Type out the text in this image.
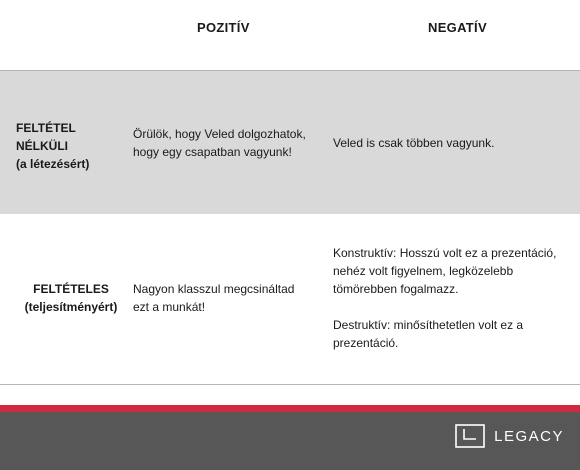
POZITÍV	NEGATÍV
FELTÉTEL
NÉLKÜLI
(a létezésért)
Örülök, hogy Veled dolgozhatok,
hogy egy csapatban vagyunk!
Veled is csak többen vagyunk.
FELTÉTELES
(teljesítményért)
Nagyon klasszul megcsináltad
ezt a munkát!

Konstruktív: Hosszú volt ez a prezentáció,
nehéz volt figyelnem, legközelebb
tömörebben fogalmazz.

Destruktív: minősíthetetlen volt ez a
prezentáció.

LEGACY
